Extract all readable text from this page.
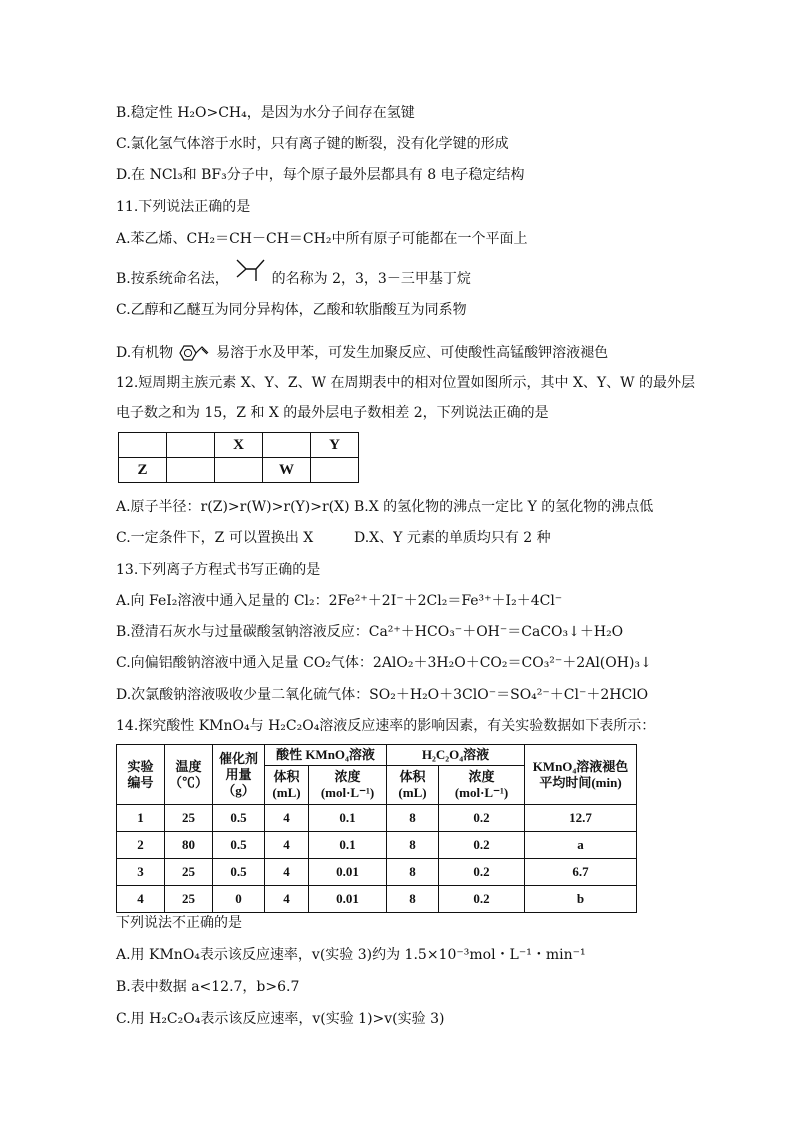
B.稳定性 H₂O>CH₄，是因为水分子间存在氢键
C.氯化氢气体溶于水时，只有离子键的断裂，没有化学键的形成
D.在 NCl₃和 BF₃分子中，每个原子最外层都具有 8 电子稳定结构
11.下列说法正确的是
A.苯乙烯、CH₂＝CH－CH＝CH₂中所有原子可能都在一个平面上
B.按系统命名法，	的名称为 2，3，3－三甲基丁烷
C.乙醇和乙醚互为同分异构体，乙酸和软脂酸互为同系物
D.有机物	易溶于水及甲苯，可发生加聚反应、可使酸性高锰酸钾溶液褪色
12.短周期主族元素 X、Y、Z、W 在周期表中的相对位置如图所示，其中 X、Y、W 的最外层
电子数之和为 15，Z 和 X 的最外层电子数相差 2，下列说法正确的是
		X		Y
Z			W	
A.原子半径：r(Z)>r(W)>r(Y)>r(X) B.X 的氢化物的沸点一定比 Y 的氢化物的沸点低
C.一定条件下，Z 可以置换出 X	D.X、Y 元素的单质均只有 2 种
13.下列离子方程式书写正确的是
A.向 FeI₂溶液中通入足量的 Cl₂：2Fe²⁺＋2I⁻＋2Cl₂＝Fe³⁺＋I₂＋4Cl⁻
B.澄清石灰水与过量碳酸氢钠溶液反应：Ca²⁺＋HCO₃⁻＋OH⁻＝CaCO₃↓＋H₂O
C.向偏铝酸钠溶液中通入足量 CO₂气体：2AlO₂＋3H₂O＋CO₂＝CO₃²⁻＋2Al(OH)₃↓
D.次氯酸钠溶液吸收少量二氧化硫气体：SO₂＋H₂O＋3ClO⁻＝SO₄²⁻＋Cl⁻＋2HClO
14.探究酸性 KMnO₄与 H₂C₂O₄溶液反应速率的影响因素，有关实验数据如下表所示：
实验编号	温度（℃）	催化剂用量（g）	酸性 KMnO₄溶液		H₂C₂O₄溶液		KMnO₄溶液褪色平均时间(min)
			体积(mL)	浓度(mol·L⁻¹)	体积(mL)	浓度(mol·L⁻¹)	
1	25	0.5	4	0.1	8	0.2	12.7
2	80	0.5	4	0.1	8	0.2	a
3	25	0.5	4	0.01	8	0.2	6.7
4	25	0	4	0.01	8	0.2	b
下列说法不正确的是
A.用 KMnO₄表示该反应速率，v(实验 3)约为 1.5×10⁻³mol・L⁻¹・min⁻¹
B.表中数据 a<12.7，b>6.7
C.用 H₂C₂O₄表示该反应速率，v(实验 1)>v(实验 3)
